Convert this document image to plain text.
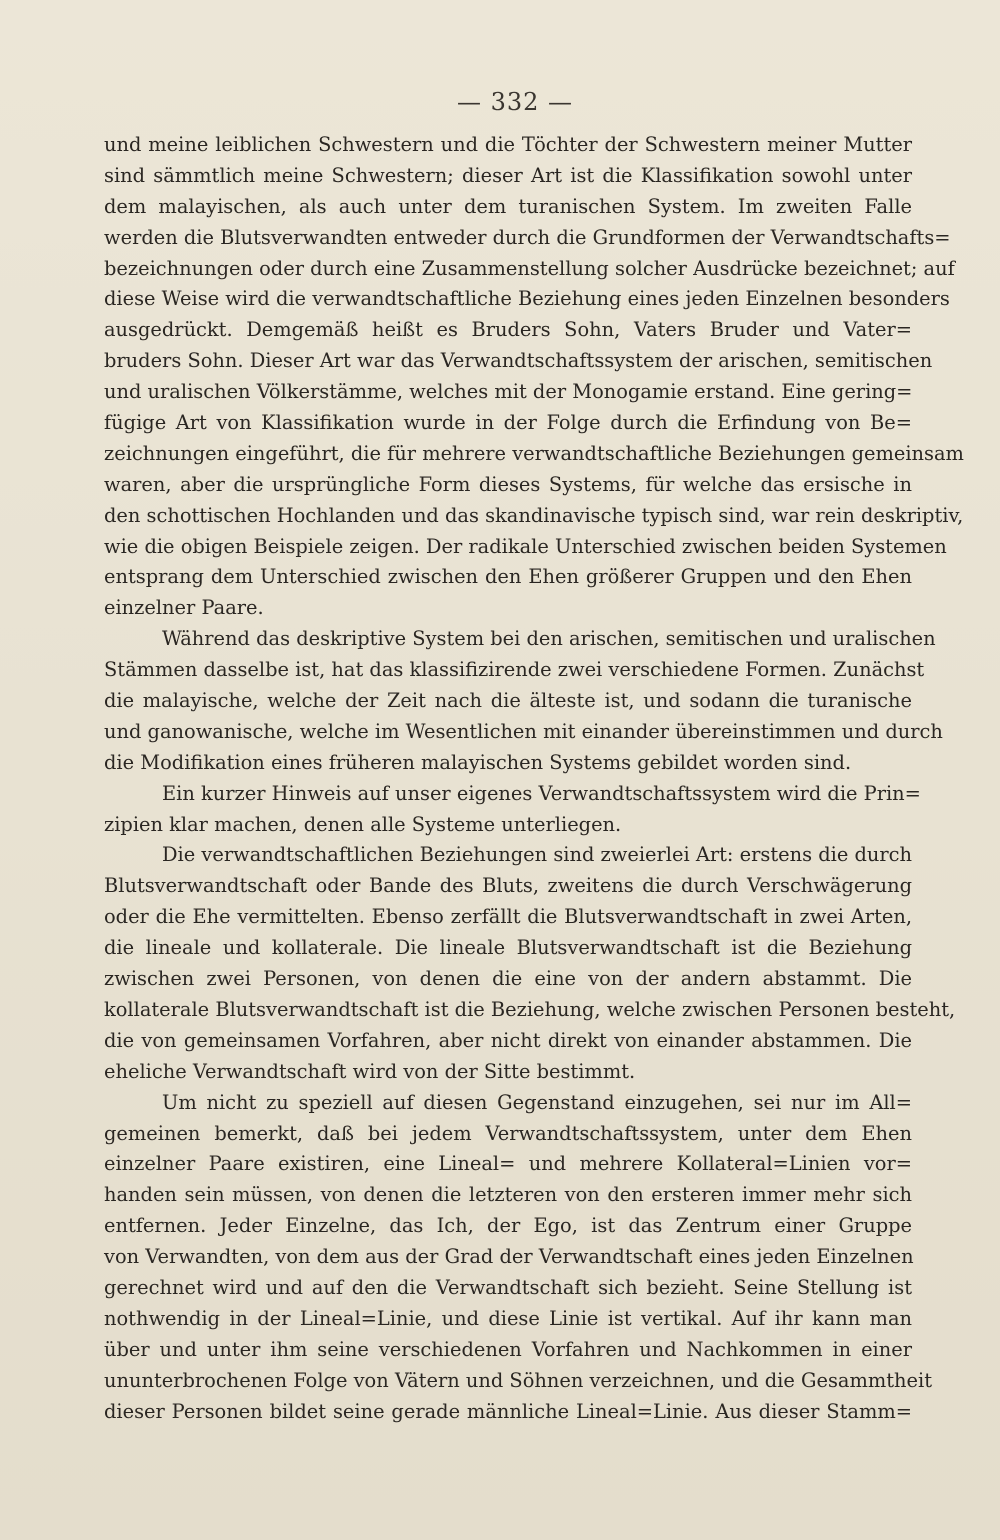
— 332 —
und meine leiblichen Schwestern und die Töchter der Schwestern meiner Mutter
sind sämmtlich meine Schwestern; dieser Art ist die Klassifikation sowohl unter
dem malayischen, als auch unter dem turanischen System. Im zweiten Falle
werden die Blutsverwandten entweder durch die Grundformen der Verwandtschafts=
bezeichnungen oder durch eine Zusammenstellung solcher Ausdrücke bezeichnet; auf
diese Weise wird die verwandtschaftliche Beziehung eines jeden Einzelnen besonders
ausgedrückt. Demgemäß heißt es Bruders Sohn, Vaters Bruder und Vater=
bruders Sohn. Dieser Art war das Verwandtschaftssystem der arischen, semitischen
und uralischen Völkerstämme, welches mit der Monogamie erstand. Eine gering=
fügige Art von Klassifikation wurde in der Folge durch die Erfindung von Be=
zeichnungen eingeführt, die für mehrere verwandtschaftliche Beziehungen gemeinsam
waren, aber die ursprüngliche Form dieses Systems, für welche das ersische in
den schottischen Hochlanden und das skandinavische typisch sind, war rein deskriptiv,
wie die obigen Beispiele zeigen. Der radikale Unterschied zwischen beiden Systemen
entsprang dem Unterschied zwischen den Ehen größerer Gruppen und den Ehen
einzelner Paare.
Während das deskriptive System bei den arischen, semitischen und uralischen
Stämmen dasselbe ist, hat das klassifizirende zwei verschiedene Formen. Zunächst
die malayische, welche der Zeit nach die älteste ist, und sodann die turanische
und ganowanische, welche im Wesentlichen mit einander übereinstimmen und durch
die Modifikation eines früheren malayischen Systems gebildet worden sind.
Ein kurzer Hinweis auf unser eigenes Verwandtschaftssystem wird die Prin=
zipien klar machen, denen alle Systeme unterliegen.
Die verwandtschaftlichen Beziehungen sind zweierlei Art: erstens die durch
Blutsverwandtschaft oder Bande des Bluts, zweitens die durch Verschwägerung
oder die Ehe vermittelten. Ebenso zerfällt die Blutsverwandtschaft in zwei Arten,
die lineale und kollaterale. Die lineale Blutsverwandtschaft ist die Beziehung
zwischen zwei Personen, von denen die eine von der andern abstammt. Die
kollaterale Blutsverwandtschaft ist die Beziehung, welche zwischen Personen besteht,
die von gemeinsamen Vorfahren, aber nicht direkt von einander abstammen. Die
eheliche Verwandtschaft wird von der Sitte bestimmt.
Um nicht zu speziell auf diesen Gegenstand einzugehen, sei nur im All=
gemeinen bemerkt, daß bei jedem Verwandtschaftssystem, unter dem Ehen
einzelner Paare existiren, eine Lineal= und mehrere Kollateral=Linien vor=
handen sein müssen, von denen die letzteren von den ersteren immer mehr sich
entfernen. Jeder Einzelne, das Ich, der Ego, ist das Zentrum einer Gruppe
von Verwandten, von dem aus der Grad der Verwandtschaft eines jeden Einzelnen
gerechnet wird und auf den die Verwandtschaft sich bezieht. Seine Stellung ist
nothwendig in der Lineal=Linie, und diese Linie ist vertikal. Auf ihr kann man
über und unter ihm seine verschiedenen Vorfahren und Nachkommen in einer
ununterbrochenen Folge von Vätern und Söhnen verzeichnen, und die Gesammtheit
dieser Personen bildet seine gerade männliche Lineal=Linie. Aus dieser Stamm=
